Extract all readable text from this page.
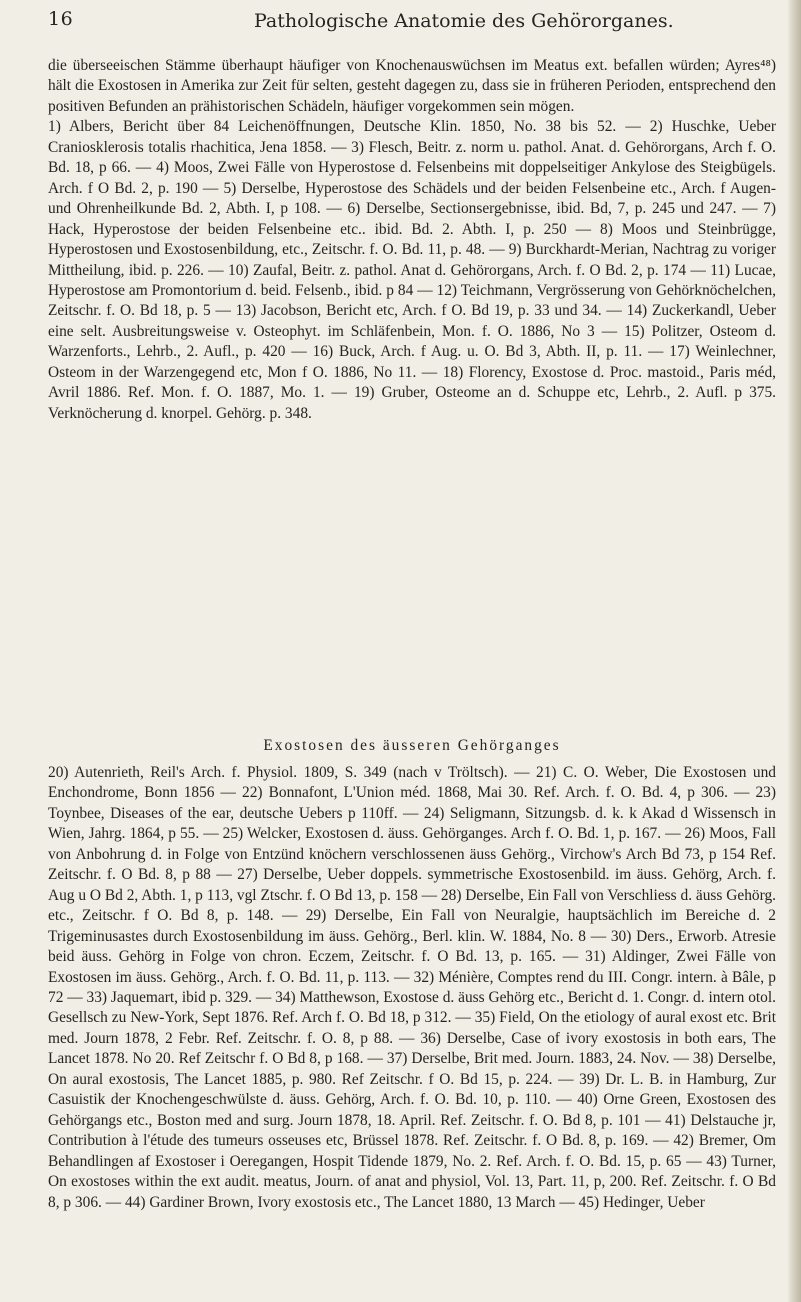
16	Pathologische Anatomie des Gehörorganes.

die überseeischen Stämme überhaupt häufiger von Knochenauswüchsen im Meatus ext. befallen würden; Ayres⁴⁸) hält die Exostosen in Amerika zur Zeit für selten, gesteht dagegen zu, dass sie in früheren Perioden, entsprechend den positiven Befunden an prähistorischen Schädeln, häufiger vorgekommen sein mögen.

1) Albers, Bericht über 84 Leichenöffnungen, Deutsche Klin. 1850, No. 38 bis 52. — 2) Huschke, Ueber Craniosklerosis totalis rhachitica, Jena 1858. — 3) Flesch, Beitr. z. norm u. pathol. Anat. d. Gehörorgans, Arch f. O. Bd. 18, p 66. — 4) Moos, Zwei Fälle von Hyperostose d. Felsenbeins mit doppelseitiger Ankylose des Steigbügels. Arch. f O Bd. 2, p. 190 — 5) Derselbe, Hyperostose des Schädels und der beiden Felsenbeine etc., Arch. f Augen- und Ohrenheilkunde Bd. 2, Abth. I, p 108. — 6) Derselbe, Sectionsergebnisse, ibid. Bd, 7, p. 245 und 247. — 7) Hack, Hyperostose der beiden Felsenbeine etc.. ibid. Bd. 2. Abth. I, p. 250 — 8) Moos und Steinbrügge, Hyperostosen und Exostosenbildung, etc., Zeitschr. f. O. Bd. 11, p. 48. — 9) Burckhardt-Merian, Nachtrag zu voriger Mittheilung, ibid. p. 226. — 10) Zaufal, Beitr. z. pathol. Anat d. Gehörorgans, Arch. f. O Bd. 2, p. 174 — 11) Lucae, Hyperostose am Promontorium d. beid. Felsenb., ibid. p 84 — 12) Teichmann, Vergrösserung von Gehörknöchelchen, Zeitschr. f. O. Bd 18, p. 5 — 13) Jacobson, Bericht etc, Arch. f O. Bd 19, p. 33 und 34. — 14) Zuckerkandl, Ueber eine selt. Ausbreitungsweise v. Osteophyt. im Schläfenbein, Mon. f. O. 1886, No 3 — 15) Politzer, Osteom d. Warzenforts., Lehrb., 2. Aufl., p. 420 — 16) Buck, Arch. f Aug. u. O. Bd 3, Abth. II, p. 11. — 17) Weinlechner, Osteom in der Warzengegend etc, Mon f O. 1886, No 11. — 18) Florency, Exostose d. Proc. mastoid., Paris méd, Avril 1886. Ref. Mon. f. O. 1887, Mo. 1. — 19) Gruber, Osteome an d. Schuppe etc, Lehrb., 2. Aufl. p 375. Verknöcherung d. knorpel. Gehörg. p. 348.

Exostosen des äusseren Gehörganges

20) Autenrieth, Reil's Arch. f. Physiol. 1809, S. 349 (nach v Tröltsch). — 21) C. O. Weber, Die Exostosen und Enchondrome, Bonn 1856 — 22) Bonnafont, L'Union méd. 1868, Mai 30. Ref. Arch. f. O. Bd. 4, p 306. — 23) Toynbee, Diseases of the ear, deutsche Uebers p 110ff. — 24) Seligmann, Sitzungsb. d. k. k Akad d Wissensch in Wien, Jahrg. 1864, p 55. — 25) Welcker, Exostosen d. äuss. Gehörganges. Arch f. O. Bd. 1, p. 167. — 26) Moos, Fall von Anbohrung d. in Folge von Entzünd knöchern verschlossenen äuss Gehörg., Virchow's Arch Bd 73, p 154 Ref. Zeitschr. f. O Bd. 8, p 88 — 27) Derselbe, Ueber doppels. symmetrische Exostosenbild. im äuss. Gehörg, Arch. f. Aug u O Bd 2, Abth. 1, p 113, vgl Ztschr. f. O Bd 13, p. 158 — 28) Derselbe, Ein Fall von Verschliess d. äuss Gehörg. etc., Zeitschr. f O. Bd 8, p. 148. — 29) Derselbe, Ein Fall von Neuralgie, hauptsächlich im Bereiche d. 2 Trigeminusastes durch Exostosenbildung im äuss. Gehörg., Berl. klin. W. 1884, No. 8 — 30) Ders., Erworb. Atresie beid äuss. Gehörg in Folge von chron. Eczem, Zeitschr. f. O Bd. 13, p. 165. — 31) Aldinger, Zwei Fälle von Exostosen im äuss. Gehörg., Arch. f. O. Bd. 11, p. 113. — 32) Ménière, Comptes rend du III. Congr. intern. à Bâle, p 72 — 33) Jaquemart, ibid p. 329. — 34) Matthewson, Exostose d. äuss Gehörg etc., Bericht d. 1. Congr. d. intern otol. Gesellsch zu New-York, Sept 1876. Ref. Arch f. O. Bd 18, p 312. — 35) Field, On the etiology of aural exost etc. Brit med. Journ 1878, 2 Febr. Ref. Zeitschr. f. O. 8, p 88. — 36) Derselbe, Case of ivory exostosis in both ears, The Lancet 1878. No 20. Ref Zeitschr f. O Bd 8, p 168. — 37) Derselbe, Brit med. Journ. 1883, 24. Nov. — 38) Derselbe, On aural exostosis, The Lancet 1885, p. 980. Ref Zeitschr. f O. Bd 15, p. 224. — 39) Dr. L. B. in Hamburg, Zur Casuistik der Knochengeschwülste d. äuss. Gehörg, Arch. f. O. Bd. 10, p. 110. — 40) Orne Green, Exostosen des Gehörgangs etc., Boston med and surg. Journ 1878, 18. April. Ref. Zeitschr. f. O. Bd 8, p. 101 — 41) Delstauche jr, Contribution à l'étude des tumeurs osseuses etc, Brüssel 1878. Ref. Zeitschr. f. O Bd. 8, p. 169. — 42) Bremer, Om Behandlingen af Exostoser i Oeregangen, Hospit Tidende 1879, No. 2. Ref. Arch. f. O. Bd. 15, p. 65 — 43) Turner, On exostoses within the ext audit. meatus, Journ. of anat and physiol, Vol. 13, Part. 11, p, 200. Ref. Zeitschr. f. O Bd 8, p 306. — 44) Gardiner Brown, Ivory exostosis etc., The Lancet 1880, 13 March — 45) Hedinger, Ueber
